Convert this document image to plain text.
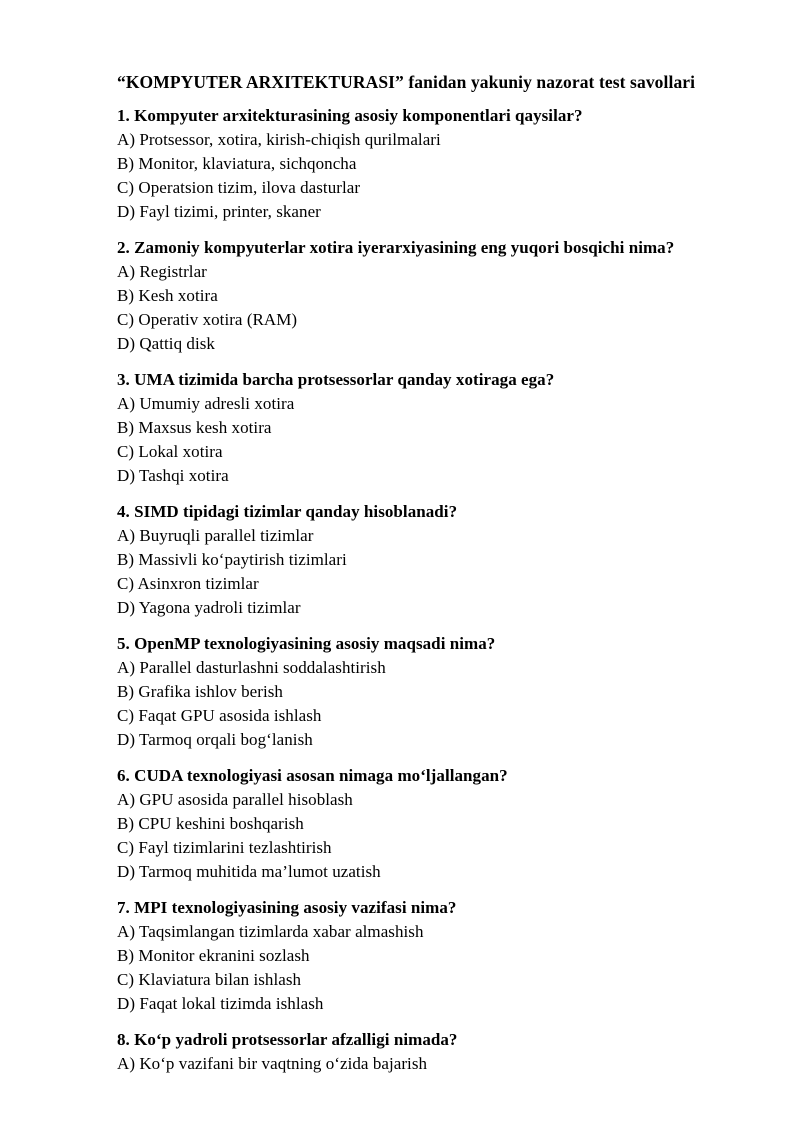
“KOMPYUTER ARXITEKTURASI” fanidan yakuniy nazorat test savollari

1. Kompyuter arxitekturasining asosiy komponentlari qaysilar?

A) Protsessor, xotira, kirish-chiqish qurilmalari

B) Monitor, klaviatura, sichqoncha

C) Operatsion tizim, ilova dasturlar

D) Fayl tizimi, printer, skaner

2. Zamoniy kompyuterlar xotira iyerarxiyasining eng yuqori bosqichi nima?

A) Registrlar

B) Kesh xotira

C) Operativ xotira (RAM)

D) Qattiq disk

3. UMA tizimida barcha protsessorlar qanday xotiraga ega?

A) Umumiy adresli xotira

B) Maxsus kesh xotira

C) Lokal xotira

D) Tashqi xotira

4. SIMD tipidagi tizimlar qanday hisoblanadi?

A) Buyruqli parallel tizimlar

B) Massivli koʻpaytirish tizimlari

C) Asinxron tizimlar

D) Yagona yadroli tizimlar

5. OpenMP texnologiyasining asosiy maqsadi nima?

A) Parallel dasturlashni soddalashtirish

B) Grafika ishlov berish

C) Faqat GPU asosida ishlash

D) Tarmoq orqali bogʻlanish

6. CUDA texnologiyasi asosan nimaga moʻljallangan?

A) GPU asosida parallel hisoblash

B) CPU keshini boshqarish

C) Fayl tizimlarini tezlashtirish

D) Tarmoq muhitida ma’lumot uzatish

7. MPI texnologiyasining asosiy vazifasi nima?

A) Taqsimlangan tizimlarda xabar almashish

B) Monitor ekranini sozlash

C) Klaviatura bilan ishlash

D) Faqat lokal tizimda ishlash

8. Koʻp yadroli protsessorlar afzalligi nimada?

A) Koʻp vazifani bir vaqtning oʻzida bajarish
